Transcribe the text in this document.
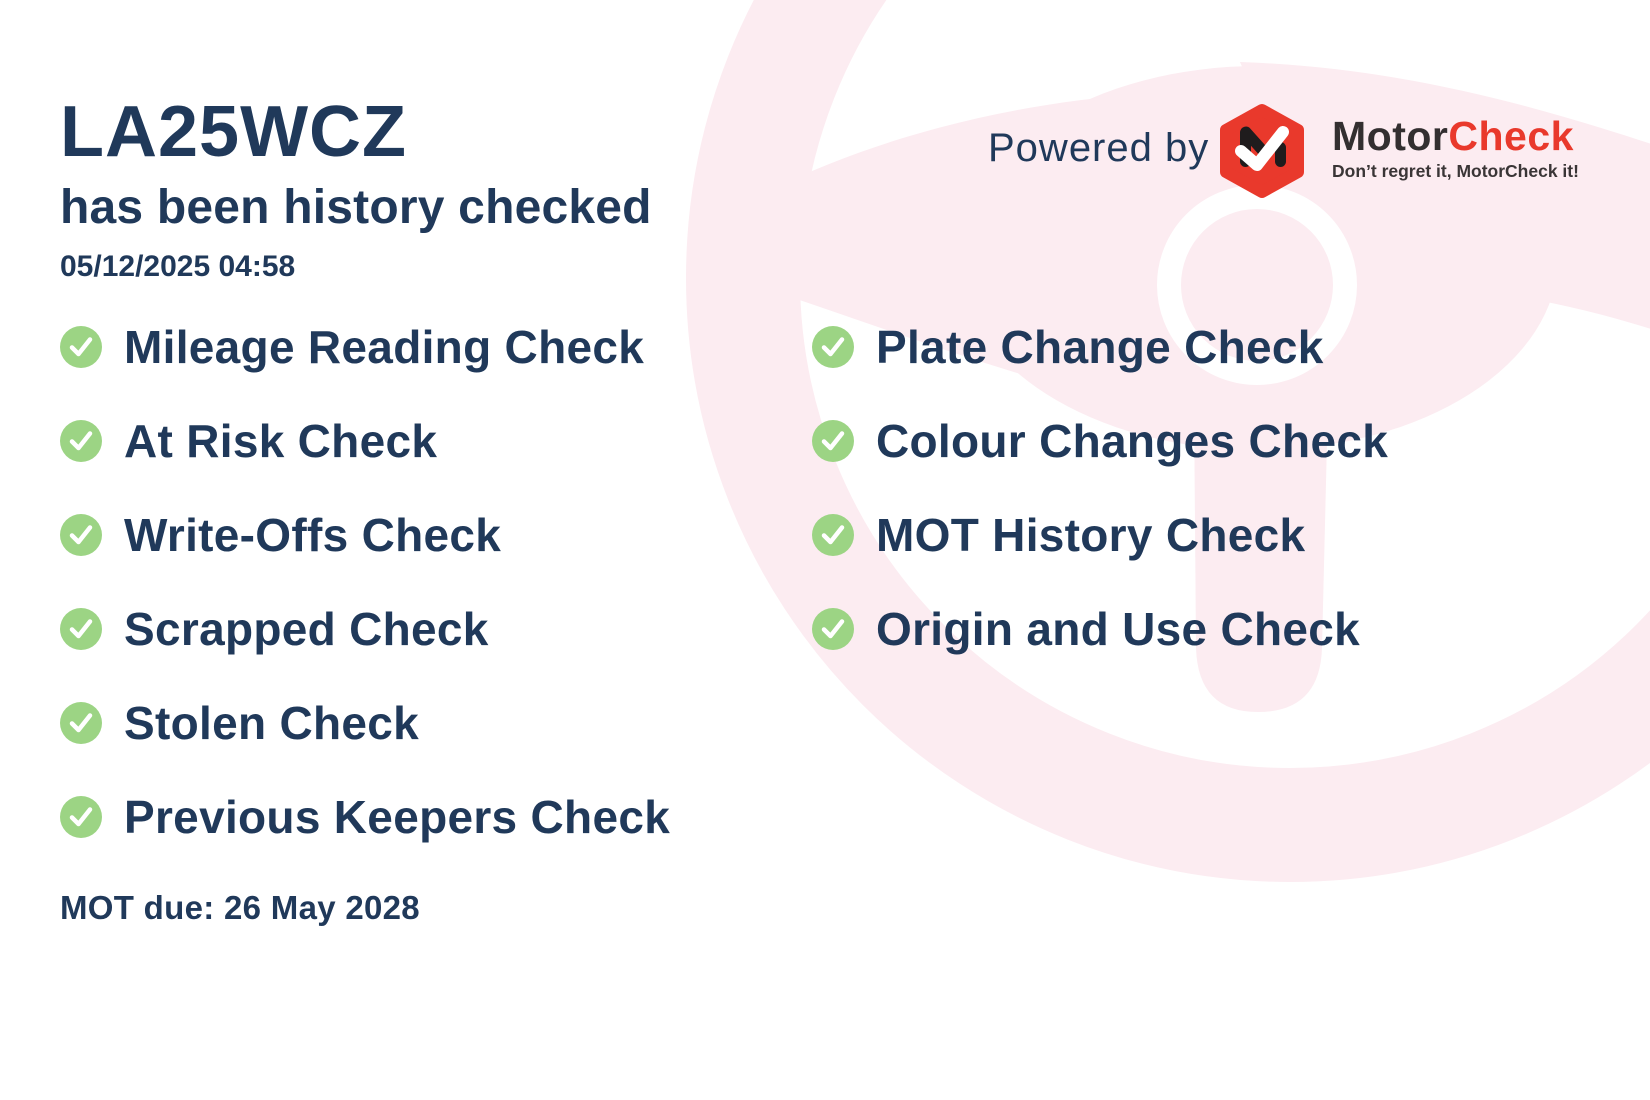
LA25WCZ
has been history checked
05/12/2025 04:58
Powered by	MotorCheck
Don’t regret it, MotorCheck it!
Mileage Reading Check
At Risk Check
Write-Offs Check
Scrapped Check
Stolen Check
Previous Keepers Check
Plate Change Check
Colour Changes Check
MOT History Check
Origin and Use Check
MOT due: 26 May 2028
